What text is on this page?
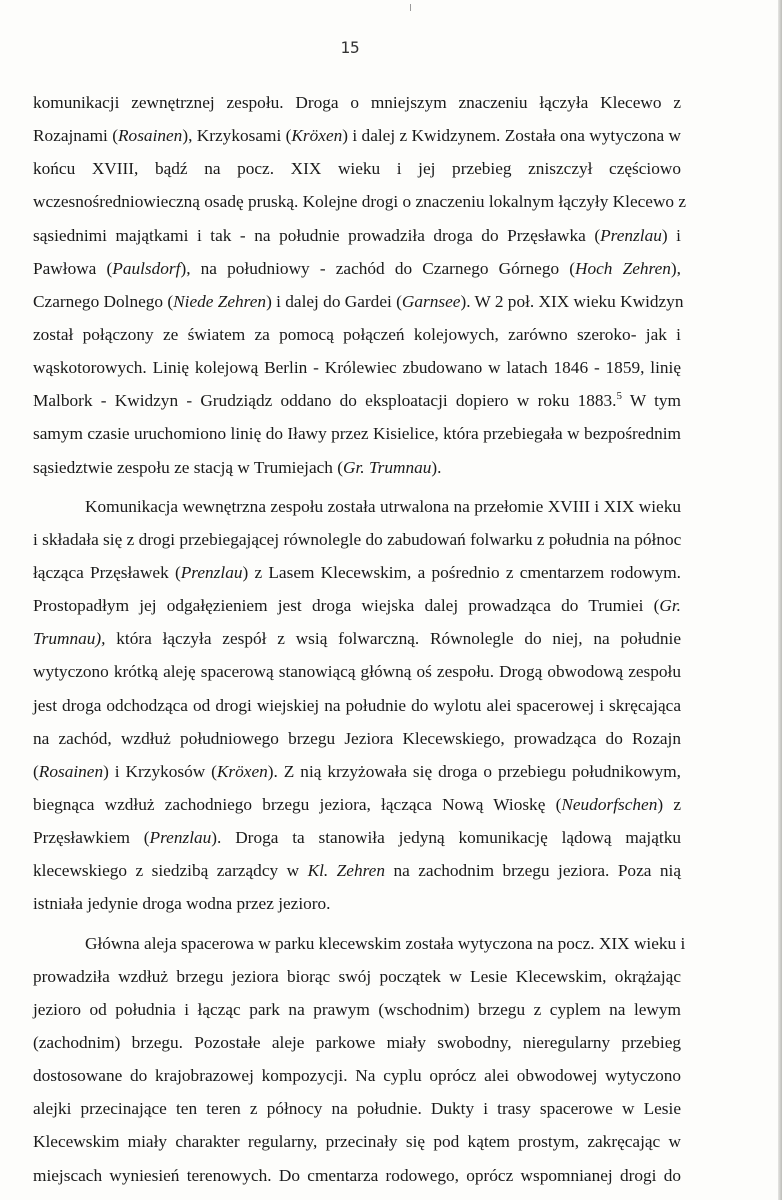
15
komunikacji zewnętrznej zespołu. Droga o mniejszym znaczeniu łączyła Klecewo z
Rozajnami (Rosainen), Krzykosami (Kröxen) i dalej z Kwidzynem. Została ona wytyczona w
końcu XVIII, bądź na pocz. XIX wieku i jej przebieg zniszczył częściowo
wczesnośredniowieczną osadę pruską. Kolejne drogi o znaczeniu lokalnym łączyły Klecewo z
sąsiednimi majątkami i tak - na południe prowadziła droga do Przęsławka (Prenzlau) i
Pawłowa (Paulsdorf), na południowy - zachód do Czarnego Górnego (Hoch Zehren),
Czarnego Dolnego (Niede Zehren) i dalej do Gardei (Garnsee). W 2 poł. XIX wieku Kwidzyn
został połączony ze światem za pomocą połączeń kolejowych, zarówno szeroko- jak i
wąskotorowych. Linię kolejową Berlin - Królewiec zbudowano w latach 1846 - 1859, linię
Malbork - Kwidzyn - Grudziądz oddano do eksploatacji dopiero w roku 1883.$^5$ W tym
samym czasie uruchomiono linię do Iławy przez Kisielice, która przebiegała w bezpośrednim
sąsiedztwie zespołu ze stacją w Trumiejach (Gr. Trumnau).
Komunikacja wewnętrzna zespołu została utrwalona na przełomie XVIII i XIX wieku
i składała się z drogi przebiegającej równolegle do zabudowań folwarku z południa na północ
łącząca Przęsławek (Prenzlau) z Lasem Klecewskim, a pośrednio z cmentarzem rodowym.
Prostopadłym jej odgałęzieniem jest droga wiejska dalej prowadząca do Trumiei (Gr.
Trumnau), która łączyła zespół z wsią folwarczną. Równolegle do niej, na południe
wytyczono krótką aleję spacerową stanowiącą główną oś zespołu. Drogą obwodową zespołu
jest droga odchodząca od drogi wiejskiej na południe do wylotu alei spacerowej i skręcająca
na zachód, wzdłuż południowego brzegu Jeziora Klecewskiego, prowadząca do Rozajn
(Rosainen) i Krzykosów (Kröxen). Z nią krzyżowała się droga o przebiegu południkowym,
biegnąca wzdłuż zachodniego brzegu jeziora, łącząca Nową Wioskę (Neudorfschen) z
Przęsławkiem (Prenzlau). Droga ta stanowiła jedyną komunikację lądową majątku
klecewskiego z siedzibą zarządcy w Kl. Zehren na zachodnim brzegu jeziora. Poza nią
istniała jedynie droga wodna przez jezioro.
Główna aleja spacerowa w parku klecewskim została wytyczona na pocz. XIX wieku i
prowadziła wzdłuż brzegu jeziora biorąc swój początek w Lesie Klecewskim, okrążając
jezioro od południa i łącząc park na prawym (wschodnim) brzegu z cyplem na lewym
(zachodnim) brzegu. Pozostałe aleje parkowe miały swobodny, nieregularny przebieg
dostosowane do krajobrazowej kompozycji. Na cyplu oprócz alei obwodowej wytyczono
alejki przecinające ten teren z północy na południe. Dukty i trasy spacerowe w Lesie
Klecewskim miały charakter regularny, przecinały się pod kątem prostym, zakręcając w
miejscach wyniesień terenowych. Do cmentarza rodowego, oprócz wspomnianej drogi do
